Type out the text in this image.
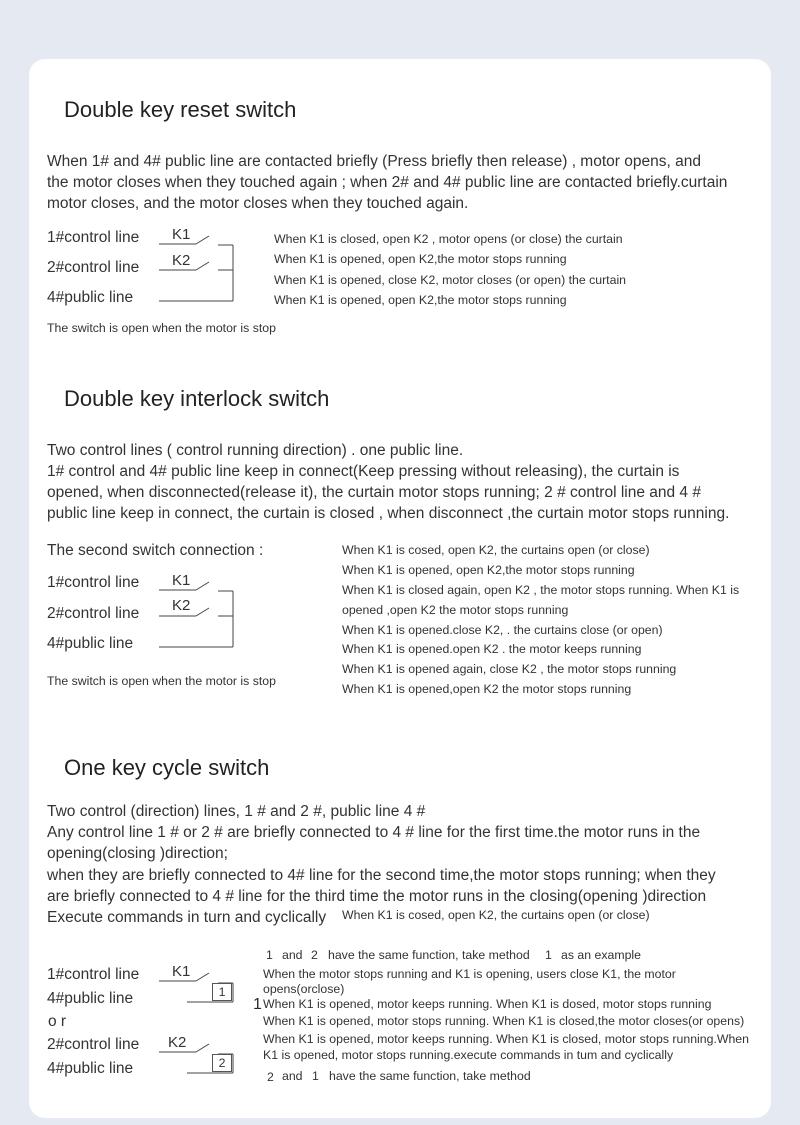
Double key reset switch
When 1# and 4# public line are contacted briefly (Press briefly then release) , motor opens, and
the motor closes when they touched again ; when 2# and 4# public line are contacted briefly.curtain
motor closes, and the motor closes when they touched again.
1#control line
2#control line
4#public line
K1
K2
When K1 is closed, open K2 , motor opens (or close) the curtain
When K1 is opened, open K2,the motor stops running
When K1 is opened, close K2, motor closes (or open) the curtain
When K1 is opened, open K2,the motor stops running
The switch is open when the motor is stop
Double key interlock switch
Two control lines ( control running direction) . one public line.
1# control and 4# public line keep in connect(Keep pressing without releasing), the curtain is
opened, when disconnected(release it), the curtain motor stops running; 2 # control line and 4 #
public line keep in connect, the curtain is closed , when disconnect ,the curtain motor stops running.
The second switch connection :
1#control line
2#control line
4#public line
K1
K2
The switch is open when the motor is stop
When K1 is cosed, open K2, the curtains open (or close)
When K1 is opened, open K2,the motor stops running
When K1 is closed again, open K2 , the motor stops running. When K1 is
opened ,open K2 the motor stops running
When K1 is opened.close K2, . the curtains close (or open)
When K1 is opened.open K2 . the motor keeps running
When K1 is opened again, close K2 , the motor stops running
When K1 is opened,open K2 the motor stops running
One key cycle switch
Two control (direction) lines, 1 # and 2 #, public line 4 #
Any control line 1 # or 2 # are briefly connected to 4 # line for the first time.the motor runs in the
opening(closing )direction;
when they are briefly connected to 4# line for the second time,the motor stops running; when they
are briefly connected to 4 # line for the third time the motor runs in the closing(opening )direction
Execute commands in turn and cyclically When K1 is cosed, open K2, the curtains open (or close)
1#control line
4#public line
o r
2#control line
4#public line
K1
K2
1
2
1 and 2 have the same function, take method 1 as an example
When the motor stops running and K1 is opening, users close K1, the motor
opens(orclose)
1 When K1 is opened, motor keeps running. When K1 is dosed, motor stops running
When K1 is opened, motor stops running. When K1 is closed,the motor closes(or opens)
When K1 is opened, motor keeps running. When K1 is closed, motor stops running.When
K1 is opened, motor stops running.execute commands in tum and cyclically
2 and 1 have the same function, take method
